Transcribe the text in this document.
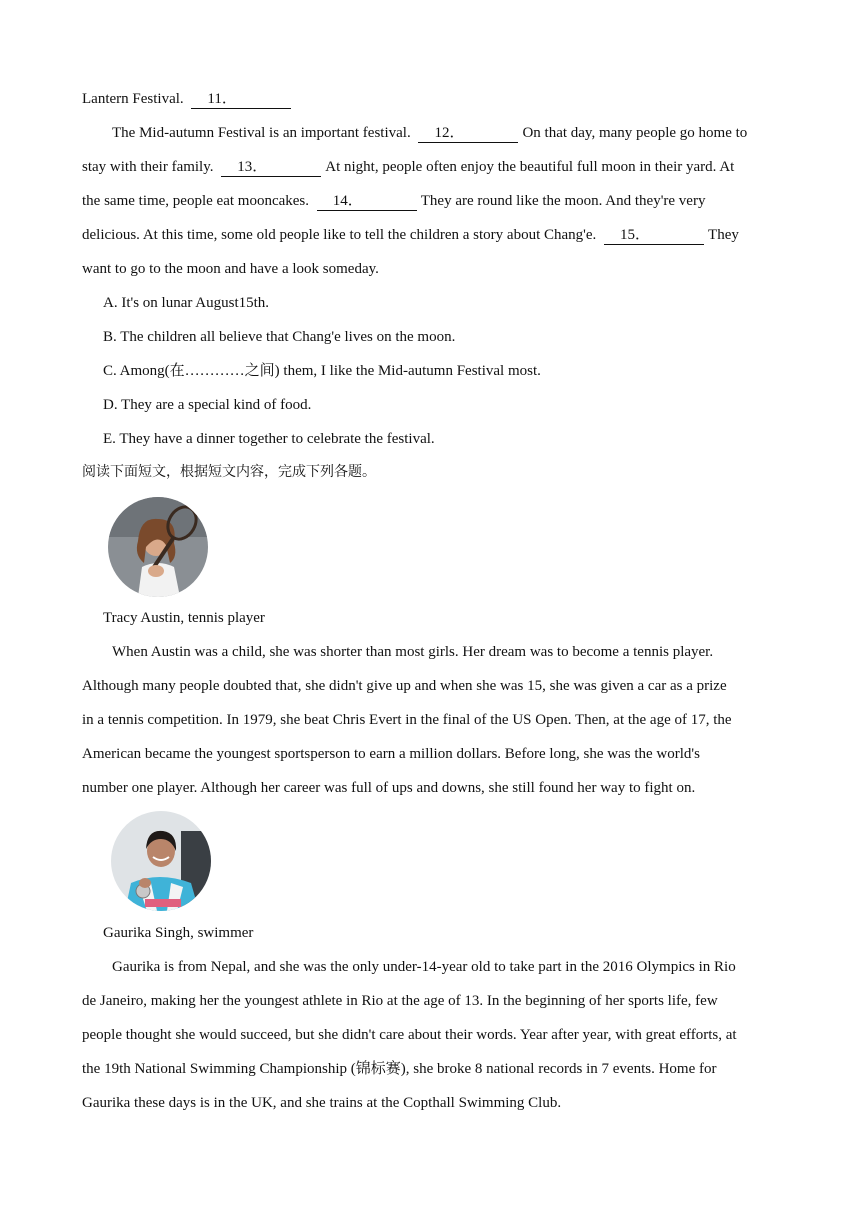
Lantern Festival. 11．
The Mid-autumn Festival is an important festival. 12．	On that day, many people go home to
stay with their family. 13．	At night, people often enjoy the beautiful full moon in their yard. At
the same time, people eat mooncakes. 14．	They are round like the moon. And they're very
delicious. At this time, some old people like to tell the children a story about Chang'e. 15．	They
want to go to the moon and have a look someday.
A. It's on lunar August15th.
B. The children all believe that Chang'e lives on the moon.
C. Among(在…………之间) them, I like the Mid-autumn Festival most.
D. They are a special kind of food.
E. They have a dinner together to celebrate the festival.
阅读下面短文，根据短文内容，完成下列各题。
Tracy Austin, tennis player
When Austin was a child, she was shorter than most girls. Her dream was to become a tennis player.
Although many people doubted that, she didn't give up and when she was 15, she was given a car as a prize
in a tennis competition. In 1979, she beat Chris Evert in the final of the US Open. Then, at the age of 17, the
American became the youngest sportsperson to earn a million dollars. Before long, she was the world's
number one player. Although her career was full of ups and downs, she still found her way to fight on.
Gaurika Singh, swimmer
Gaurika is from Nepal, and she was the only under-14-year old to take part in the 2016 Olympics in Rio
de Janeiro, making her the youngest athlete in Rio at the age of 13. In the beginning of her sports life, few
people thought she would succeed, but she didn't care about their words. Year after year, with great efforts, at
the 19th National Swimming Championship (锦标赛), she broke 8 national records in 7 events. Home for
Gaurika these days is in the UK, and she trains at the Copthall Swimming Club.
